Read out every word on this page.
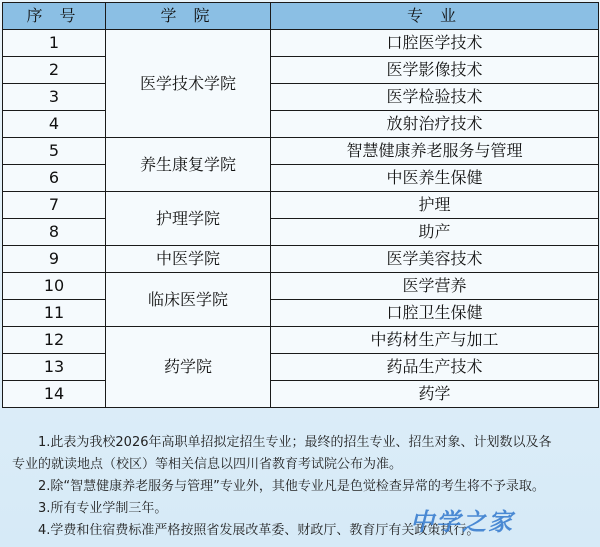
序 号	学 院	专 业
1	医学技术学院	口腔医学技术
2		医学影像技术
3		医学检验技术
4		放射治疗技术
5	养生康复学院	智慧健康养老服务与管理
6		中医养生保健
7	护理学院	护理
8		助产
9	中医学院	医学美容技术
10	临床医学院	医学营养
11		口腔卫生保健
12	药学院	中药材生产与加工
13		药品生产技术
14		药学

1.此表为我校2026年高职单招拟定招生专业；最终的招生专业、招生对象、计划数以及各

专业的就读地点（校区）等相关信息以四川省教育考试院公布为准。

2.除“智慧健康养老服务与管理”专业外，其他专业凡是色觉检查异常的考生将不予录取。

3.所有专业学制三年。

4.学费和住宿费标准严格按照省发展改革委、财政厅、教育厅有关政策执行。

中学之家
